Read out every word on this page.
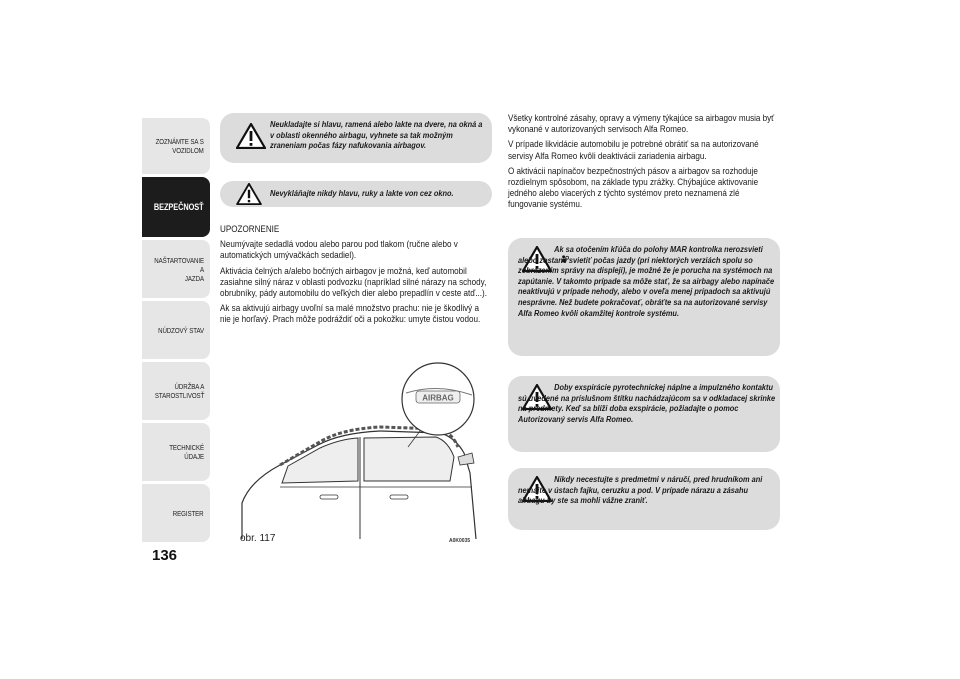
ZOZNÁMTE SA S
VOZIDLOM
BEZPEČNOSŤ
NAŠTARTOVANIE A
JAZDA
NÚDZOVÝ STAV
ÚDRŽBA A
STAROSTLIVOSŤ
TECHNICKÉ ÚDAJE
REGISTER
136
Neukladajte si hlavu, ramená alebo lakte na dvere, na okná a v oblasti okenného airbagu, vyhnete sa tak možným zraneniam počas fázy nafukovania airbagov.
Nevykláňajte nikdy hlavu, ruky a lakte von cez okno.

UPOZORNENIE

Neumývajte sedadlá vodou alebo parou pod tlakom (ručne alebo v automatických umývačkách sedadiel).

Aktivácia čelných a/alebo bočných airbagov je možná, keď automobil zasiahne silný náraz v oblasti podvozku (napríklad silné nárazy na schody, obrubníky, pády automobilu do veľkých dier alebo prepadlín v ceste atď...).

Ak sa aktivujú airbagy uvoľní sa malé množstvo prachu: nie je škodlivý a nie je horľavý. Prach môže podráždiť oči a pokožku: umyte čistou vodou.

AIRBAG
obr. 117	A0K0035

Všetky kontrolné zásahy, opravy a výmeny týkajúce sa airbagov musia byť vykonané v autorizovaných servisoch Alfa Romeo.

V prípade likvidácie automobilu je potrebné obrátiť sa na autorizované servisy Alfa Romeo kvôli deaktivácii zariadenia airbagu.

O aktivácii napínačov bezpečnostných pásov a airbagov sa rozhoduje rozdielnym spôsobom, na základe typu zrážky. Chýbajúce aktivovanie jedného alebo viacerých z týchto systémov preto neznamená zlé fungovanie systému.

Ak sa otočením kľúča do polohy MAR kontrolka nerozsvieti alebo zostane svietiť počas jazdy (pri niektorých verziách spolu so zobrazením správy na displeji), je možné že je porucha na systémoch na zapútanie. V takomto prípade sa môže stať, že sa airbagy alebo napínače neaktivujú v prípade nehody, alebo v oveľa menej prípadoch sa aktivujú nesprávne. Než budete pokračovať, obráťte sa na autorizované servisy Alfa Romeo kvôli okamžitej kontrole systému.
Doby exspirácie pyrotechnickej náplne a impulzného kontaktu sú uvedené na príslušnom štítku nachádzajúcom sa v odkladacej skrinke na predmety. Keď sa blíži doba exspirácie, požiadajte o pomoc Autorizovaný servis Alfa Romeo.
Nikdy necestujte s predmetmi v náručí, pred hrudníkom ani nemajte v ústach fajku, ceruzku a pod. V prípade nárazu a zásahu airbagu by ste sa mohli vážne zraniť.
